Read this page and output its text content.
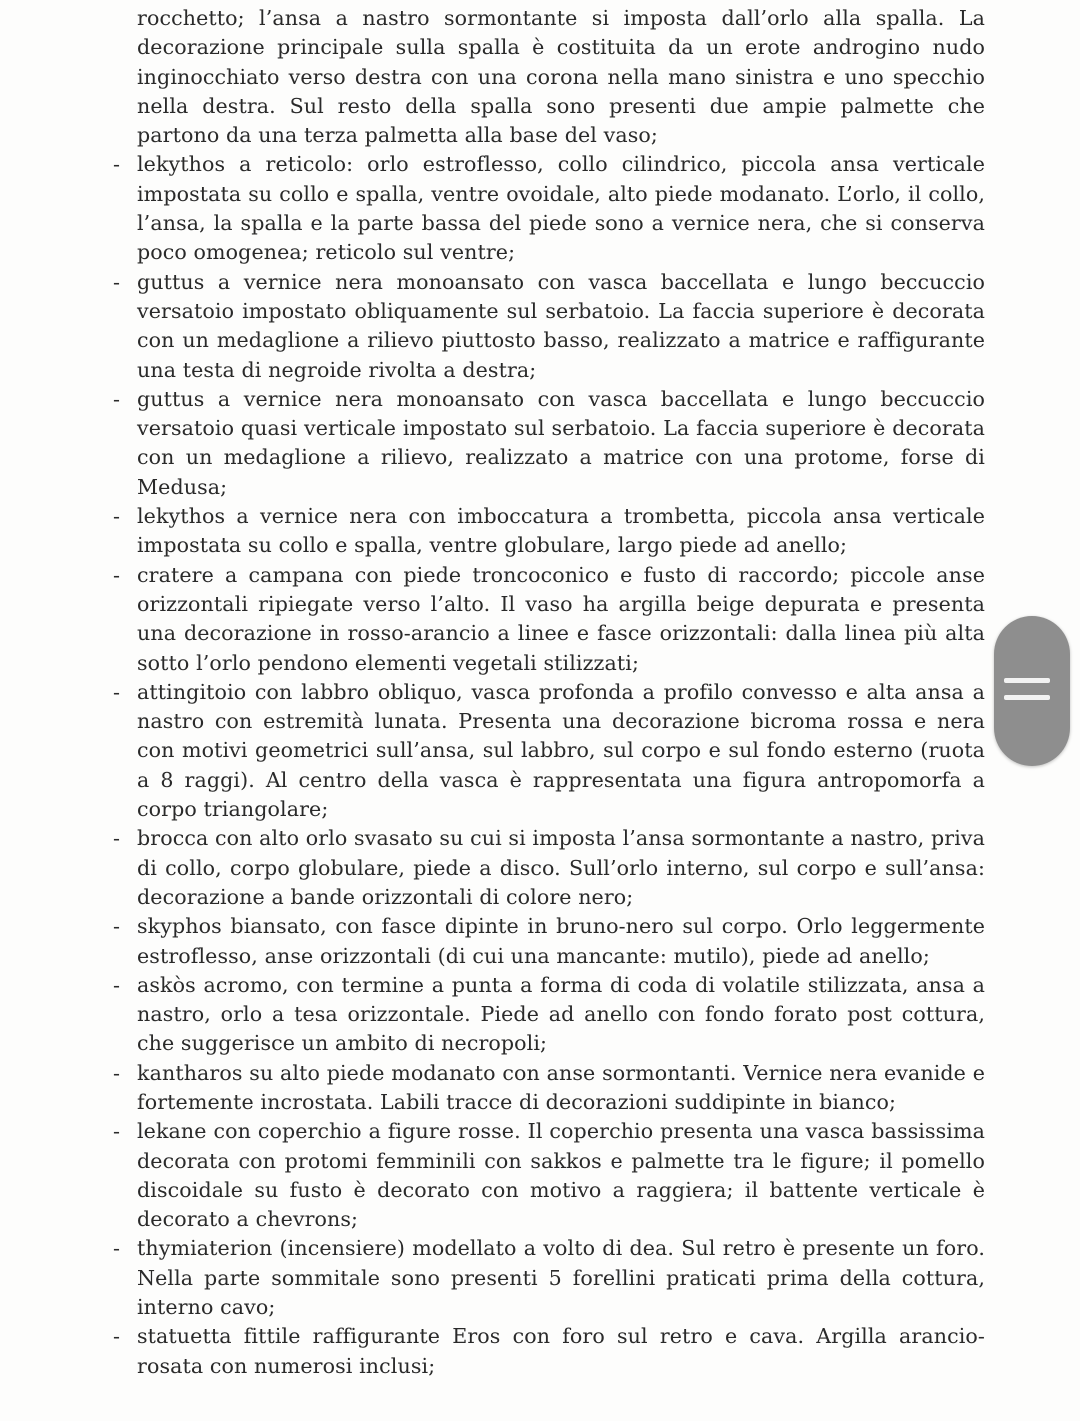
rocchetto; l’ansa a nastro sormontante si imposta dall’orlo alla spalla. La decorazione principale sulla spalla è costituita da un erote androgino nudo inginocchiato verso destra con una corona nella mano sinistra e uno specchio nella destra. Sul resto della spalla sono presenti due ampie palmette che partono da una terza palmetta alla base del vaso;

- lekythos a reticolo: orlo estroflesso, collo cilindrico, piccola ansa verticale impostata su collo e spalla, ventre ovoidale, alto piede modanato. L’orlo, il collo, l’ansa, la spalla e la parte bassa del piede sono a vernice nera, che si conserva poco omogenea; reticolo sul ventre;
- guttus a vernice nera monoansato con vasca baccellata e lungo beccuccio versatoio impostato obliquamente sul serbatoio. La faccia superiore è decorata con un medaglione a rilievo piuttosto basso, realizzato a matrice e raffigurante una testa di negroide rivolta a destra;
- guttus a vernice nera monoansato con vasca baccellata e lungo beccuccio versatoio quasi verticale impostato sul serbatoio. La faccia superiore è decorata con un medaglione a rilievo, realizzato a matrice con una protome, forse di Medusa;
- lekythos a vernice nera con imboccatura a trombetta, piccola ansa verticale impostata su collo e spalla, ventre globulare, largo piede ad anello;
- cratere a campana con piede troncoconico e fusto di raccordo; piccole anse orizzontali ripiegate verso l’alto. Il vaso ha argilla beige depurata e presenta una decorazione in rosso-arancio a linee e fasce orizzontali: dalla linea più alta sotto l’orlo pendono elementi vegetali stilizzati;
- attingitoio con labbro obliquo, vasca profonda a profilo convesso e alta ansa a nastro con estremità lunata. Presenta una decorazione bicroma rossa e nera con motivi geometrici sull’ansa, sul labbro, sul corpo e sul fondo esterno (ruota a 8 raggi). Al centro della vasca è rappresentata una figura antropomorfa a corpo triangolare;
- brocca con alto orlo svasato su cui si imposta l’ansa sormontante a nastro, priva di collo, corpo globulare, piede a disco. Sull’orlo interno, sul corpo e sull’ansa: decorazione a bande orizzontali di colore nero;
- skyphos biansato, con fasce dipinte in bruno-nero sul corpo. Orlo leggermente estroflesso, anse orizzontali (di cui una mancante: mutilo), piede ad anello;
- askòs acromo, con termine a punta a forma di coda di volatile stilizzata, ansa a nastro, orlo a tesa orizzontale. Piede ad anello con fondo forato post cottura, che suggerisce un ambito di necropoli;
- kantharos su alto piede modanato con anse sormontanti. Vernice nera evanide e fortemente incrostata. Labili tracce di decorazioni suddipinte in bianco;
- lekane con coperchio a figure rosse. Il coperchio presenta una vasca bassissima decorata con protomi femminili con sakkos e palmette tra le figure; il pomello discoidale su fusto è decorato con motivo a raggiera; il battente verticale è decorato a chevrons;
- thymiaterion (incensiere) modellato a volto di dea. Sul retro è presente un foro. Nella parte sommitale sono presenti 5 forellini praticati prima della cottura, interno cavo;
- statuetta fittile raffigurante Eros con foro sul retro e cava. Argilla arancio-rosata con numerosi inclusi;
